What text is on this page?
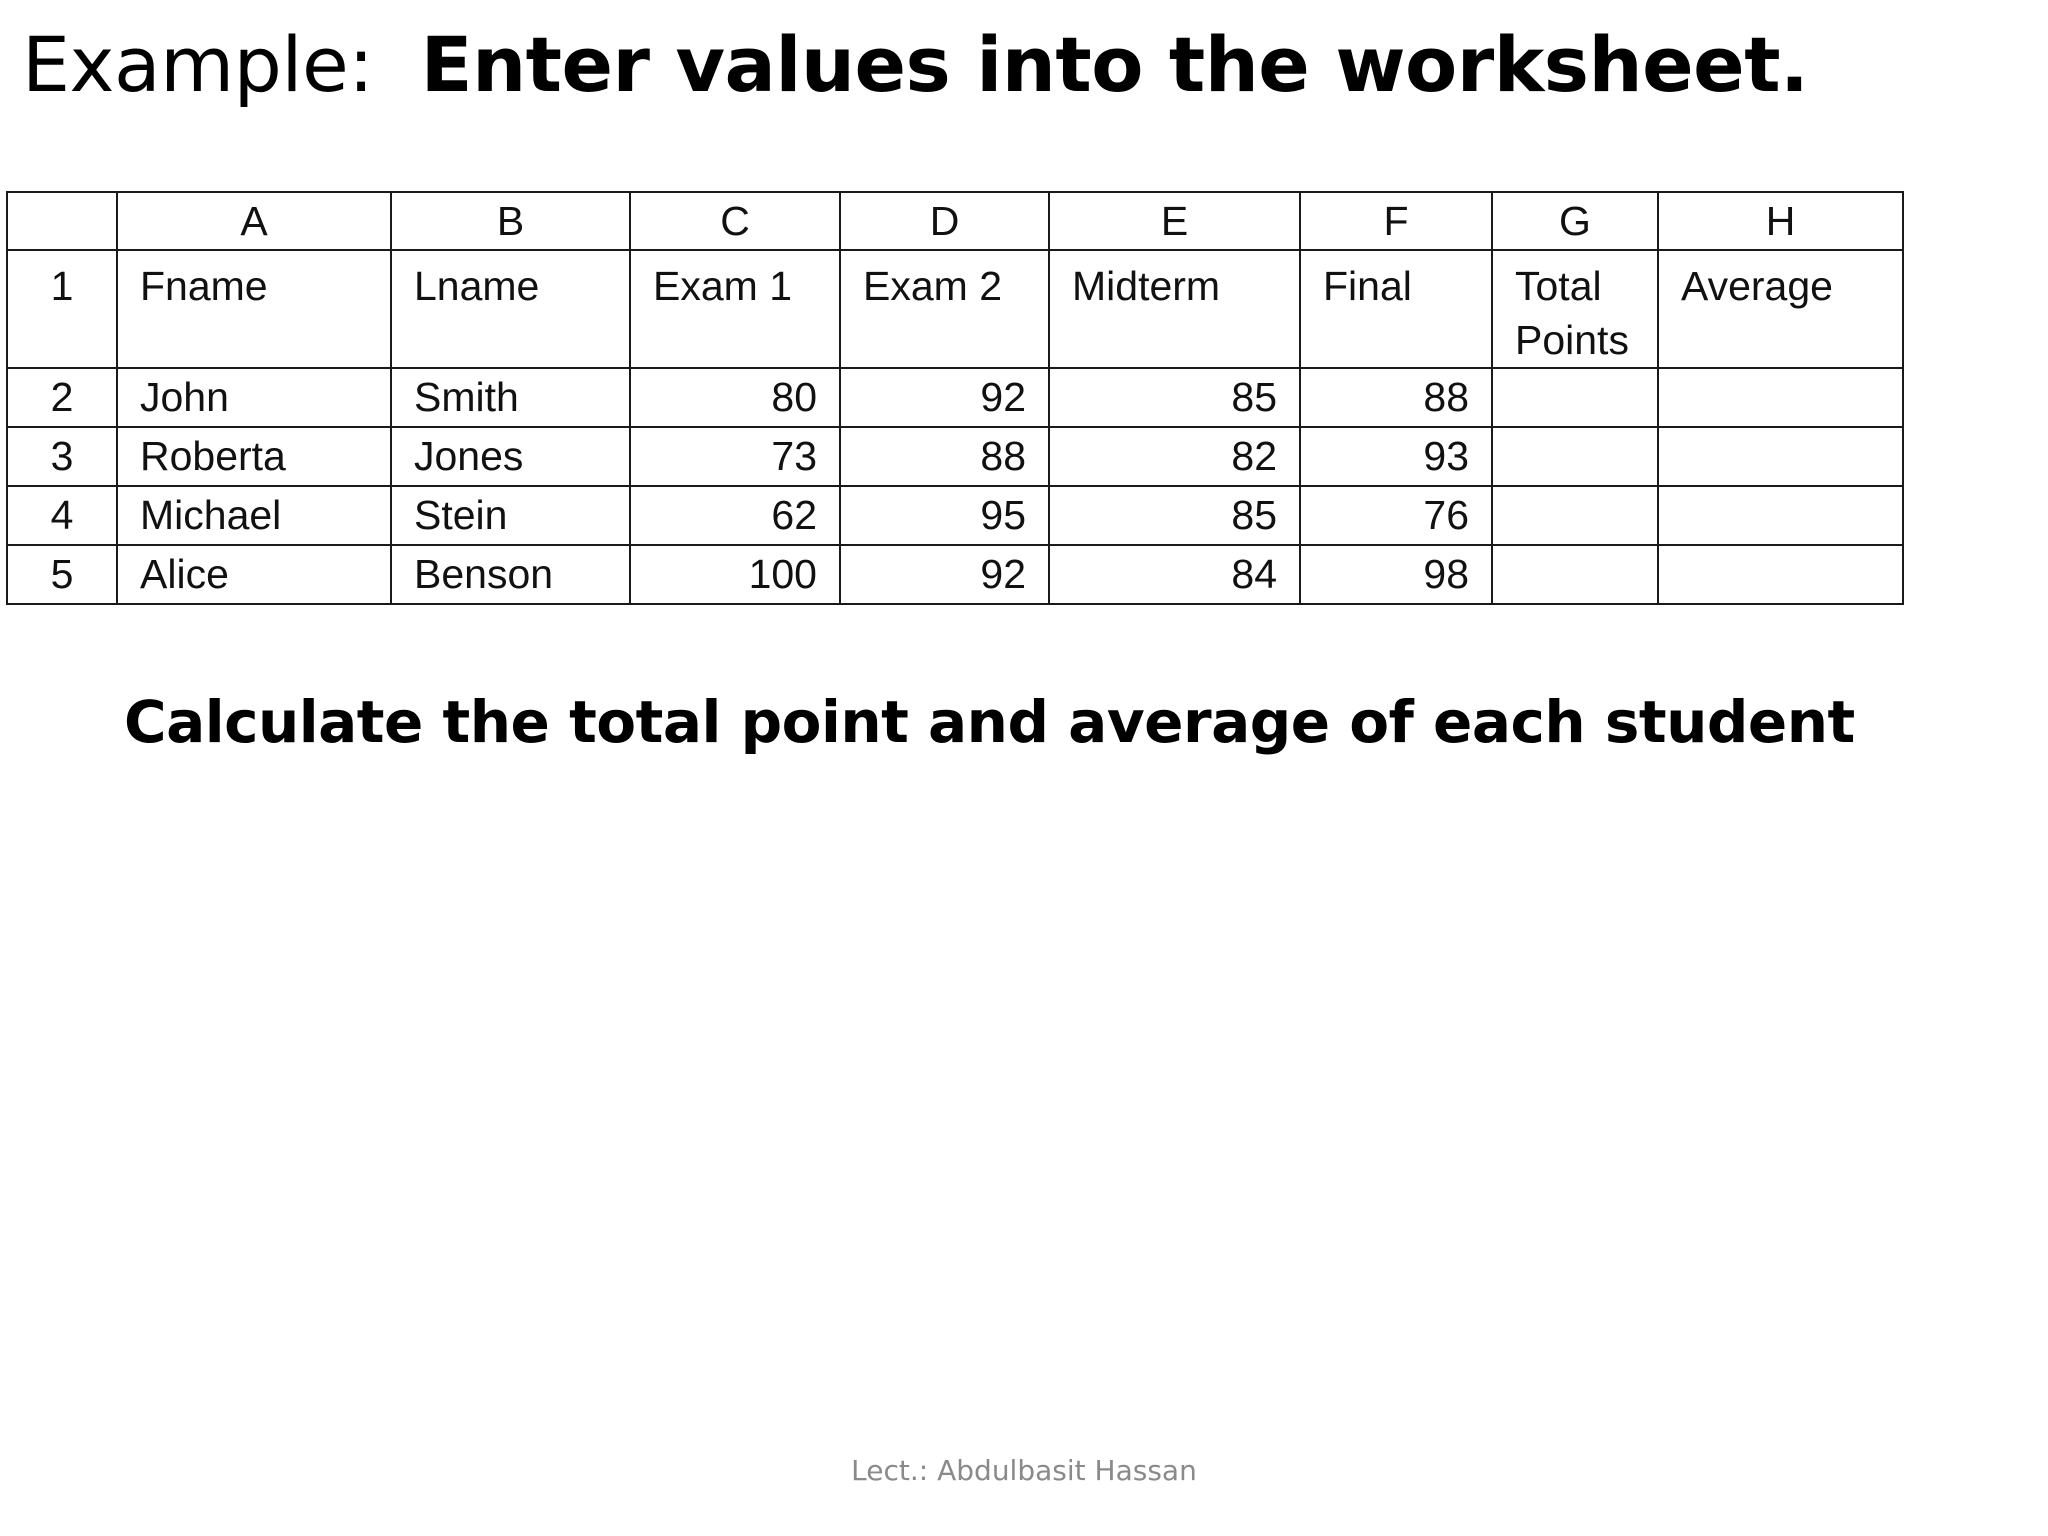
Example: Enter values into the worksheet.
	A	B	C	D	E	F	G	H
1	Fname	Lname	Exam 1	Exam 2	Midterm	Final	Total Points	Average
2	John	Smith	80	92	85	88		
3	Roberta	Jones	73	88	82	93		
4	Michael	Stein	62	95	85	76		
5	Alice	Benson	100	92	84	98		
Calculate the total point and average of each student
Lect.: Abdulbasit Hassan
